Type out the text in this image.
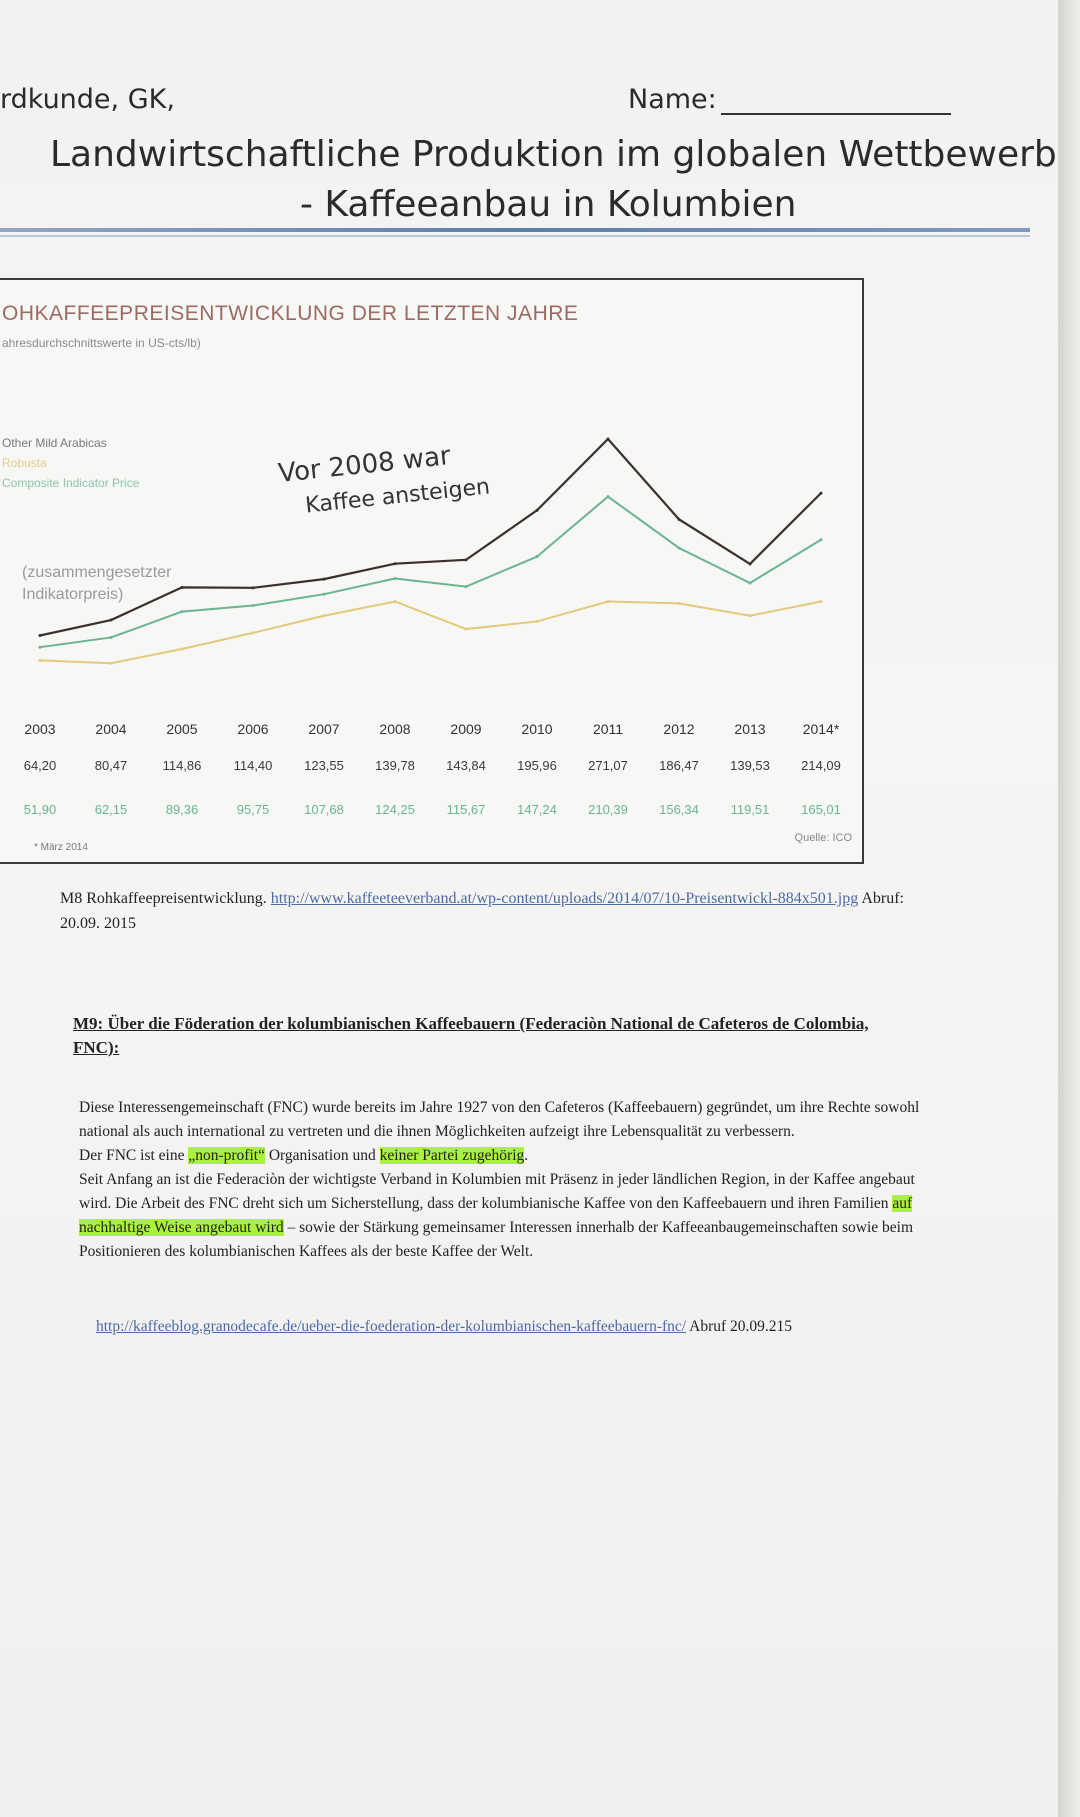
rdkunde, GK,	Name:
Landwirtschaftliche Produktion im globalen Wettbewerb
- Kaffeeanbau in Kolumbien
OHKAFFEEPREISENTWICKLUNG DER LETZTEN JAHRE
ahresdurchschnittswerte in US-cts/lb)
Other Mild Arabicas
Robusta
Composite Indicator Price
(zusammengesetzter Indikatorpreis)
Vor 2008 war
Kaffee ansteigen
* März 2014
Quelle: ICO
2003	2004	2005	2006	2007	2008	2009	2010	2011	2012	2013	2014*
64,20	80,47	114,86	114,40	123,55	139,78	143,84	195,96	271,07	186,47	139,53	214,09
51,90	62,15	89,36	95,75	107,68	124,25	115,67	147,24	210,39	156,34	119,51	165,01
M8 Rohkaffeepreisentwicklung. http://www.kaffeeteeverband.at/wp-content/uploads/2014/07/10-Preisentwickl-884x501.jpg Abruf: 20.09. 2015
M9: Über die Föderation der kolumbianischen Kaffeebauern (Federaciòn National de Cafeteros de Colombia, FNC):

Diese Interessengemeinschaft (FNC) wurde bereits im Jahre 1927 von den Cafeteros (Kaffeebauern) gegründet, um ihre Rechte sowohl national als auch international zu vertreten und die ihnen Möglichkeiten aufzeigt ihre Lebensqualität zu verbessern.

Der FNC ist eine „non-profit“ Organisation und keiner Partei zugehörig.

Seit Anfang an ist die Federaciòn der wichtigste Verband in Kolumbien mit Präsenz in jeder ländlichen Region, in der Kaffee angebaut wird. Die Arbeit des FNC dreht sich um Sicherstellung, dass der kolumbianische Kaffee von den Kaffeebauern und ihren Familien auf nachhaltige Weise angebaut wird – sowie der Stärkung gemeinsamer Interessen innerhalb der Kaffeeanbaugemeinschaften sowie beim Positionieren des kolumbianischen Kaffees als der beste Kaffee der Welt.

http://kaffeeblog.granodecafe.de/ueber-die-foederation-der-kolumbianischen-kaffeebauern-fnc/ Abruf 20.09.215
